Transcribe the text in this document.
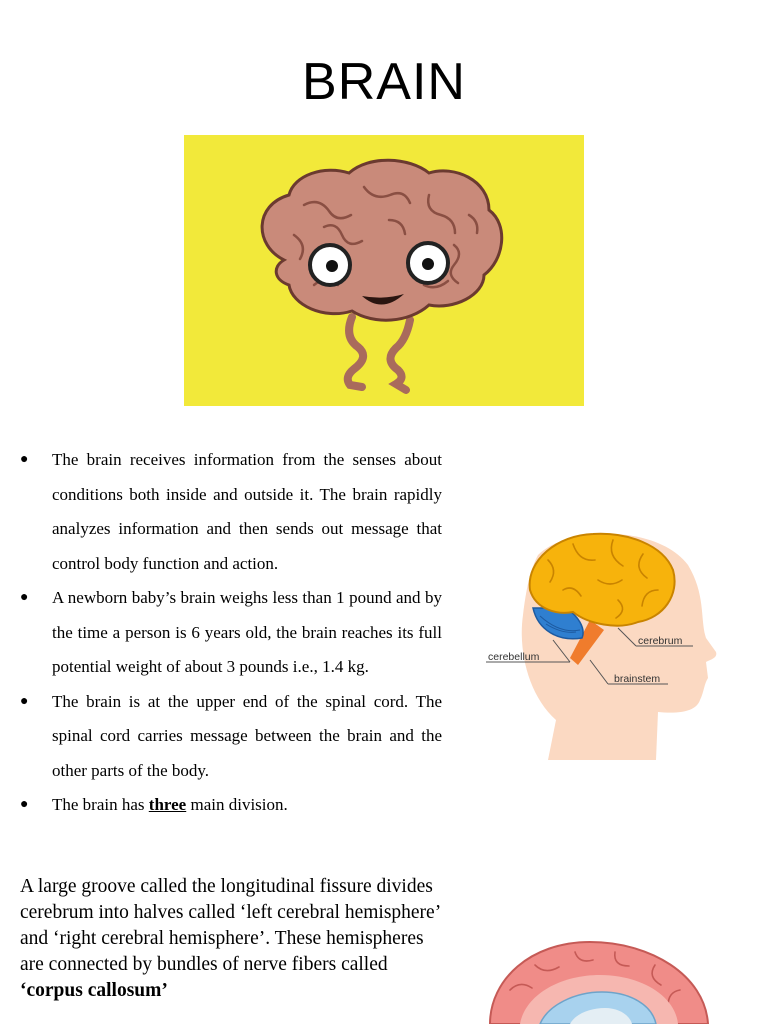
BRAIN
● The brain receives information from the senses about conditions both inside and outside it. The brain rapidly analyzes information and then sends out message that control body function and action.
● A newborn baby’s brain weighs less than 1 pound and by the time a person is 6 years old, the brain reaches its full potential weight of about 3 pounds i.e., 1.4 kg.
● The brain is at the upper end of the spinal cord. The spinal cord carries message between the brain and the other parts of the body.
● The brain has three main division.

A large groove called the longitudinal fissure divides cerebrum into halves called ‘left cerebral hemisphere’ and ‘right cerebral hemisphere’. These hemispheres are connected by bundles of nerve fibers called ‘corpus callosum’

cerebrum
cerebellum
brainstem
